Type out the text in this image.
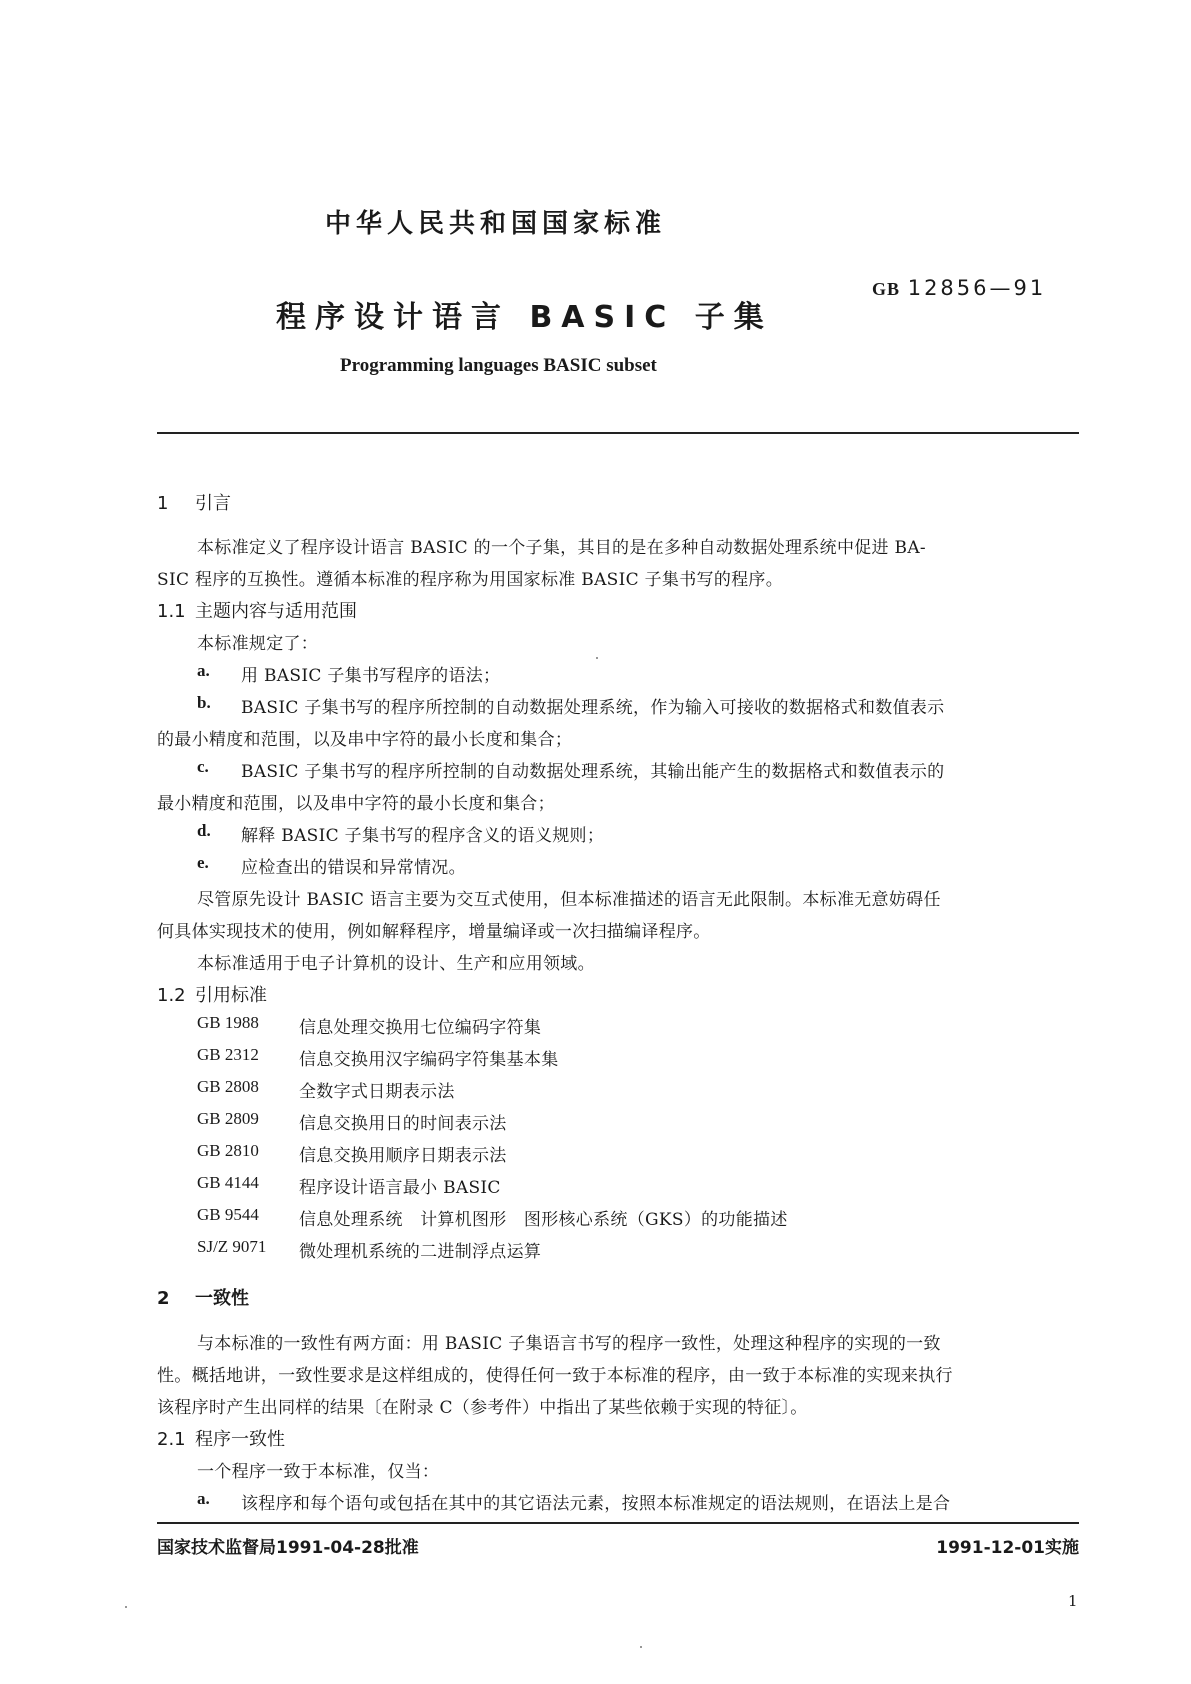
中华人民共和国国家标准
程序设计语言 BASIC 子集
GB 12856—91
Programming languages BASIC subset
1 引言
本标准定义了程序设计语言 BASIC 的一个子集，其目的是在多种自动数据处理系统中促进 BA-
SIC 程序的互换性。遵循本标准的程序称为用国家标准 BASIC 子集书写的程序。
1.1 主题内容与适用范围
本标准规定了：
a. 用 BASIC 子集书写程序的语法；
b. BASIC 子集书写的程序所控制的自动数据处理系统，作为输入可接收的数据格式和数值表示
的最小精度和范围，以及串中字符的最小长度和集合；
c. BASIC 子集书写的程序所控制的自动数据处理系统，其输出能产生的数据格式和数值表示的
最小精度和范围，以及串中字符的最小长度和集合；
d. 解释 BASIC 子集书写的程序含义的语义规则；
e. 应检查出的错误和异常情况。
尽管原先设计 BASIC 语言主要为交互式使用，但本标准描述的语言无此限制。本标准无意妨碍任
何具体实现技术的使用，例如解释程序，增量编译或一次扫描编译程序。
本标准适用于电子计算机的设计、生产和应用领域。
1.2 引用标准
GB 1988 信息处理交换用七位编码字符集
GB 2312 信息交换用汉字编码字符集基本集
GB 2808 全数字式日期表示法
GB 2809 信息交换用日的时间表示法
GB 2810 信息交换用顺序日期表示法
GB 4144 程序设计语言最小 BASIC
GB 9544 信息处理系统　计算机图形　图形核心系统（GKS）的功能描述
SJ/Z 9071 微处理机系统的二进制浮点运算
2 一致性
与本标准的一致性有两方面：用 BASIC 子集语言书写的程序一致性，处理这种程序的实现的一致
性。概括地讲，一致性要求是这样组成的，使得任何一致于本标准的程序，由一致于本标准的实现来执行
该程序时产生出同样的结果〔在附录 C（参考件）中指出了某些依赖于实现的特征〕。
2.1 程序一致性
一个程序一致于本标准，仅当：
a. 该程序和每个语句或包括在其中的其它语法元素，按照本标准规定的语法规则，在语法上是合
国家技术监督局1991-04-28批准	1991-12-01实施
1
